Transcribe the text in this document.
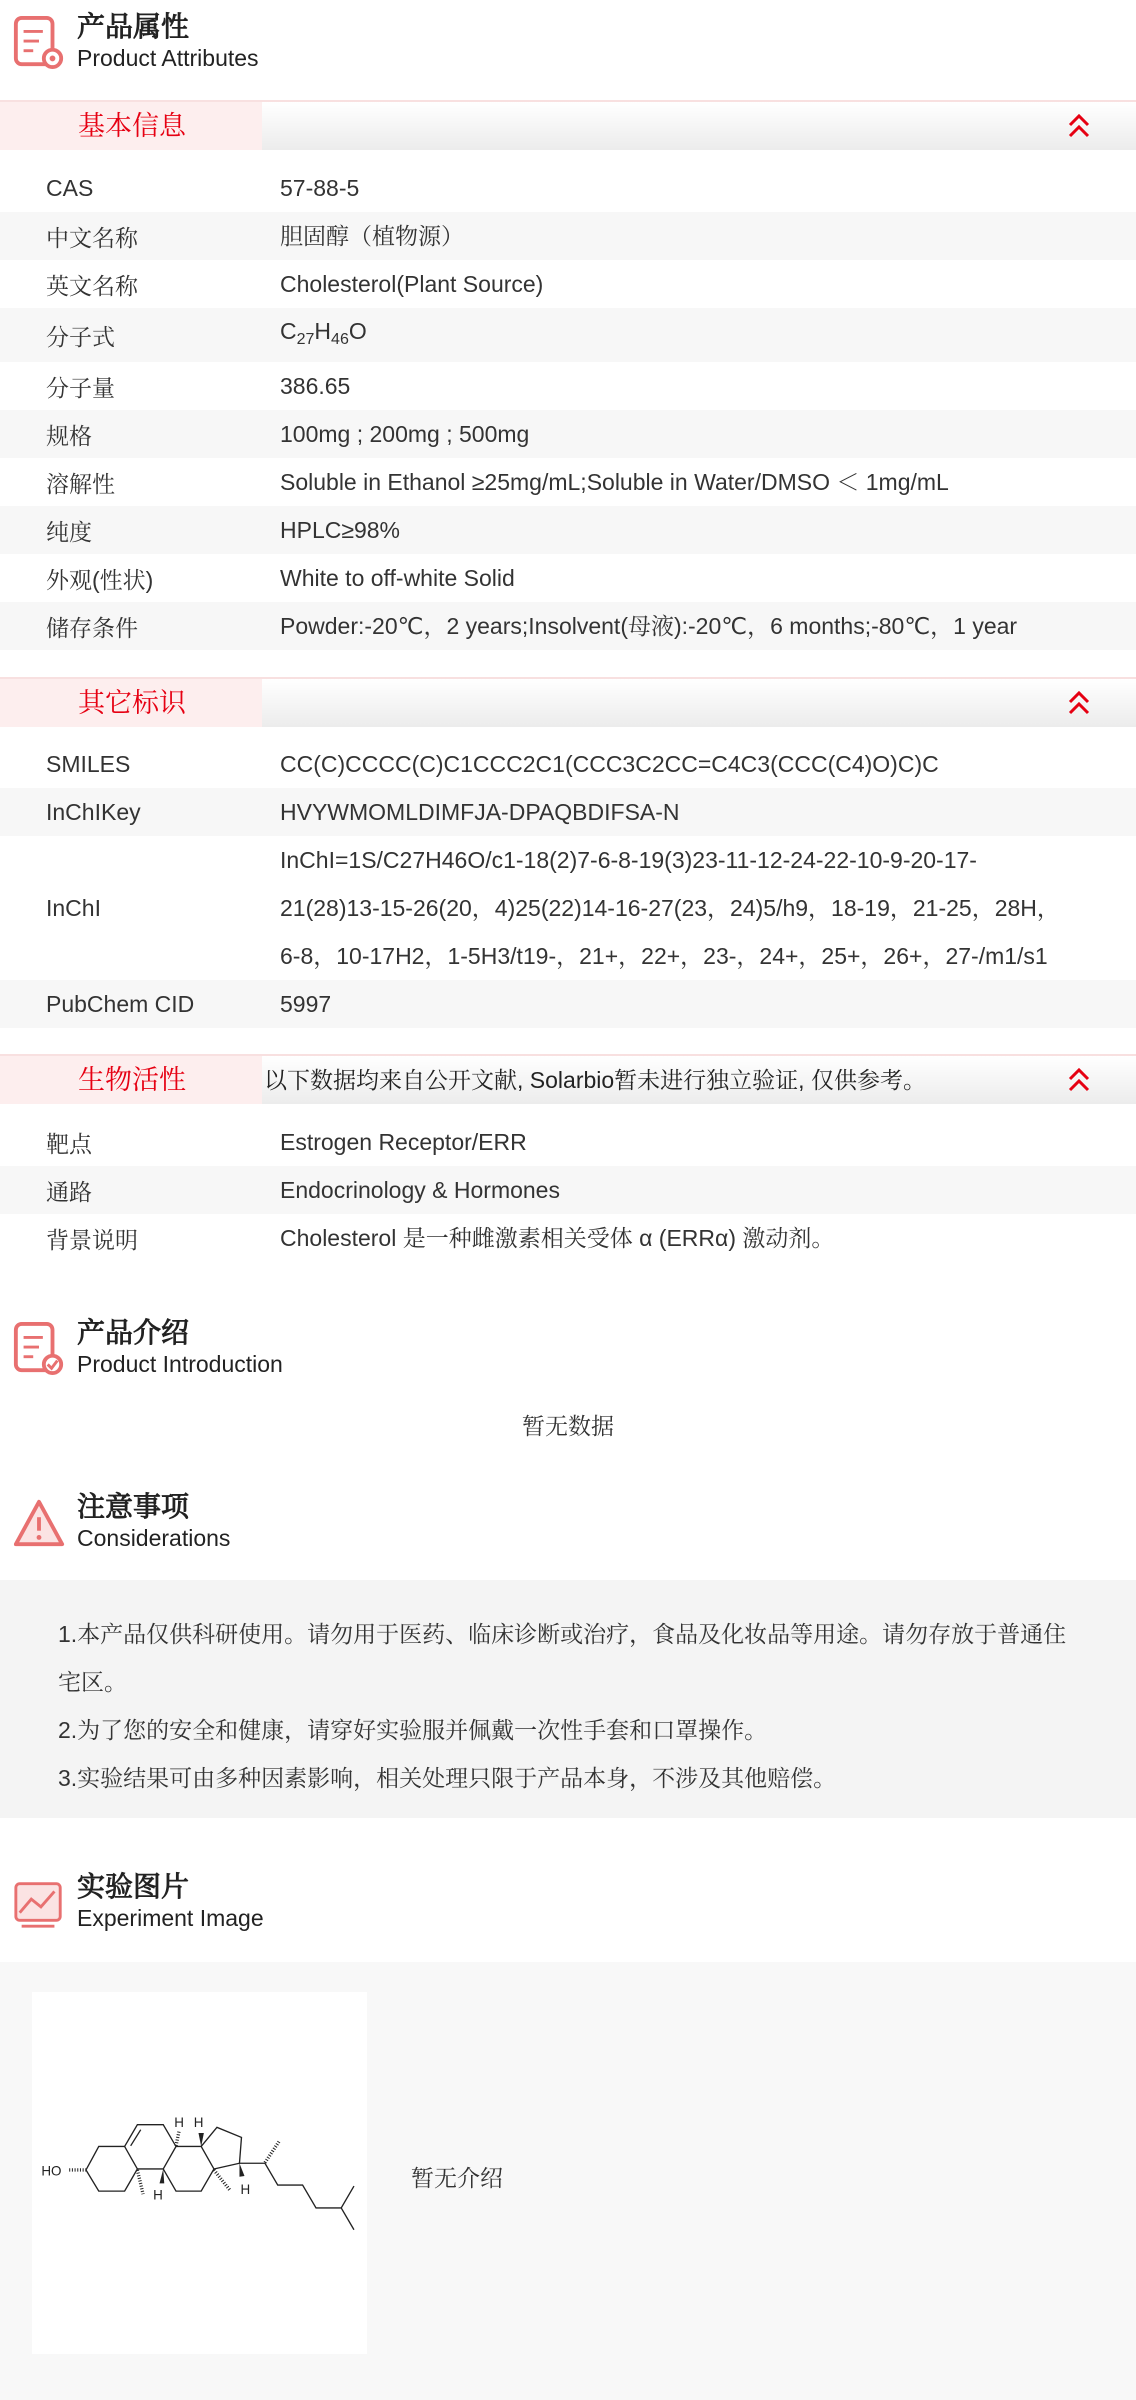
产品属性
Product Attributes
基本信息
CAS	57-88-5
中文名称	胆固醇（植物源）
英文名称	Cholesterol(Plant Source)
分子式	$C_{27}H_{46}O$
分子量	386.65
规格	100mg ; 200mg ; 500mg
溶解性	Soluble in Ethanol ≥25mg/mL;Soluble in Water/DMSO ＜ 1mg/mL
纯度	HPLC≥98%
外观(性状)	White to off-white Solid
储存条件	Powder:-20℃，2 years;Insolvent(母液):-20℃，6 months;-80℃，1 year
其它标识
SMILES	CC(C)CCCC(C)C1CCC2C1(CCC3C2CC=C4C3(CCC(C4)O)C)C
InChIKey	HVYWMOMLDIMFJA-DPAQBDIFSA-N
InChI
InChI=1S/C27H46O/c1-18(2)7-6-8-19(3)23-11-12-24-22-10-9-20-17-
21(28)13-15-26(20，4)25(22)14-16-27(23，24)5/h9，18-19，21-25，28H，
6-8，10-17H2，1-5H3/t19-，21+，22+，23-，24+，25+，26+，27-/m1/s1
PubChem CID	5997
生物活性	以下数据均来自公开文献, Solarbio暂未进行独立验证, 仅供参考。
靶点	Estrogen Receptor/ERR
通路	Endocrinology & Hormones
背景说明	Cholesterol 是一种雌激素相关受体 α (ERRα) 激动剂。
产品介绍
Product Introduction
暂无数据
注意事项
Considerations
1.本产品仅供科研使用。请勿用于医药、临床诊断或治疗，食品及化妆品等用途。请勿存放于普通住宅区。
2.为了您的安全和健康，请穿好实验服并佩戴一次性手套和口罩操作。
3.实验结果可由多种因素影响，相关处理只限于产品本身，不涉及其他赔偿。
实验图片
Experiment Image
HO
H H
H H	暂无介绍
